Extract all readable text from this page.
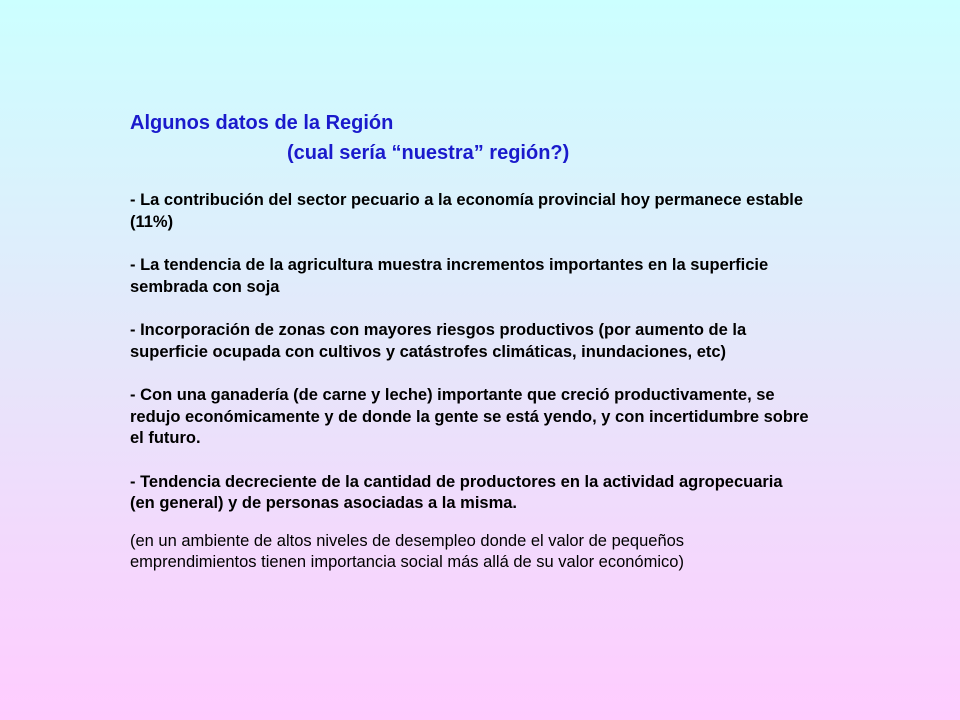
Algunos datos de la Región

(cual sería “nuestra” región?)

- La contribución del sector pecuario a la economía provincial hoy permanece estable (11%)

- La tendencia de la agricultura muestra incrementos importantes en la superficie sembrada con soja

- Incorporación de zonas con mayores riesgos productivos (por aumento de la superficie ocupada con cultivos y catástrofes climáticas, inundaciones, etc)

- Con una ganadería (de carne y leche) importante que creció productivamente, se redujo económicamente y de donde la gente se está yendo, y con incertidumbre sobre el futuro.

- Tendencia decreciente de la cantidad de productores en la actividad agropecuaria (en general) y de personas asociadas a la misma.

(en un ambiente de altos niveles de desempleo donde el valor de pequeños emprendimientos tienen importancia social más allá de su valor económico)
